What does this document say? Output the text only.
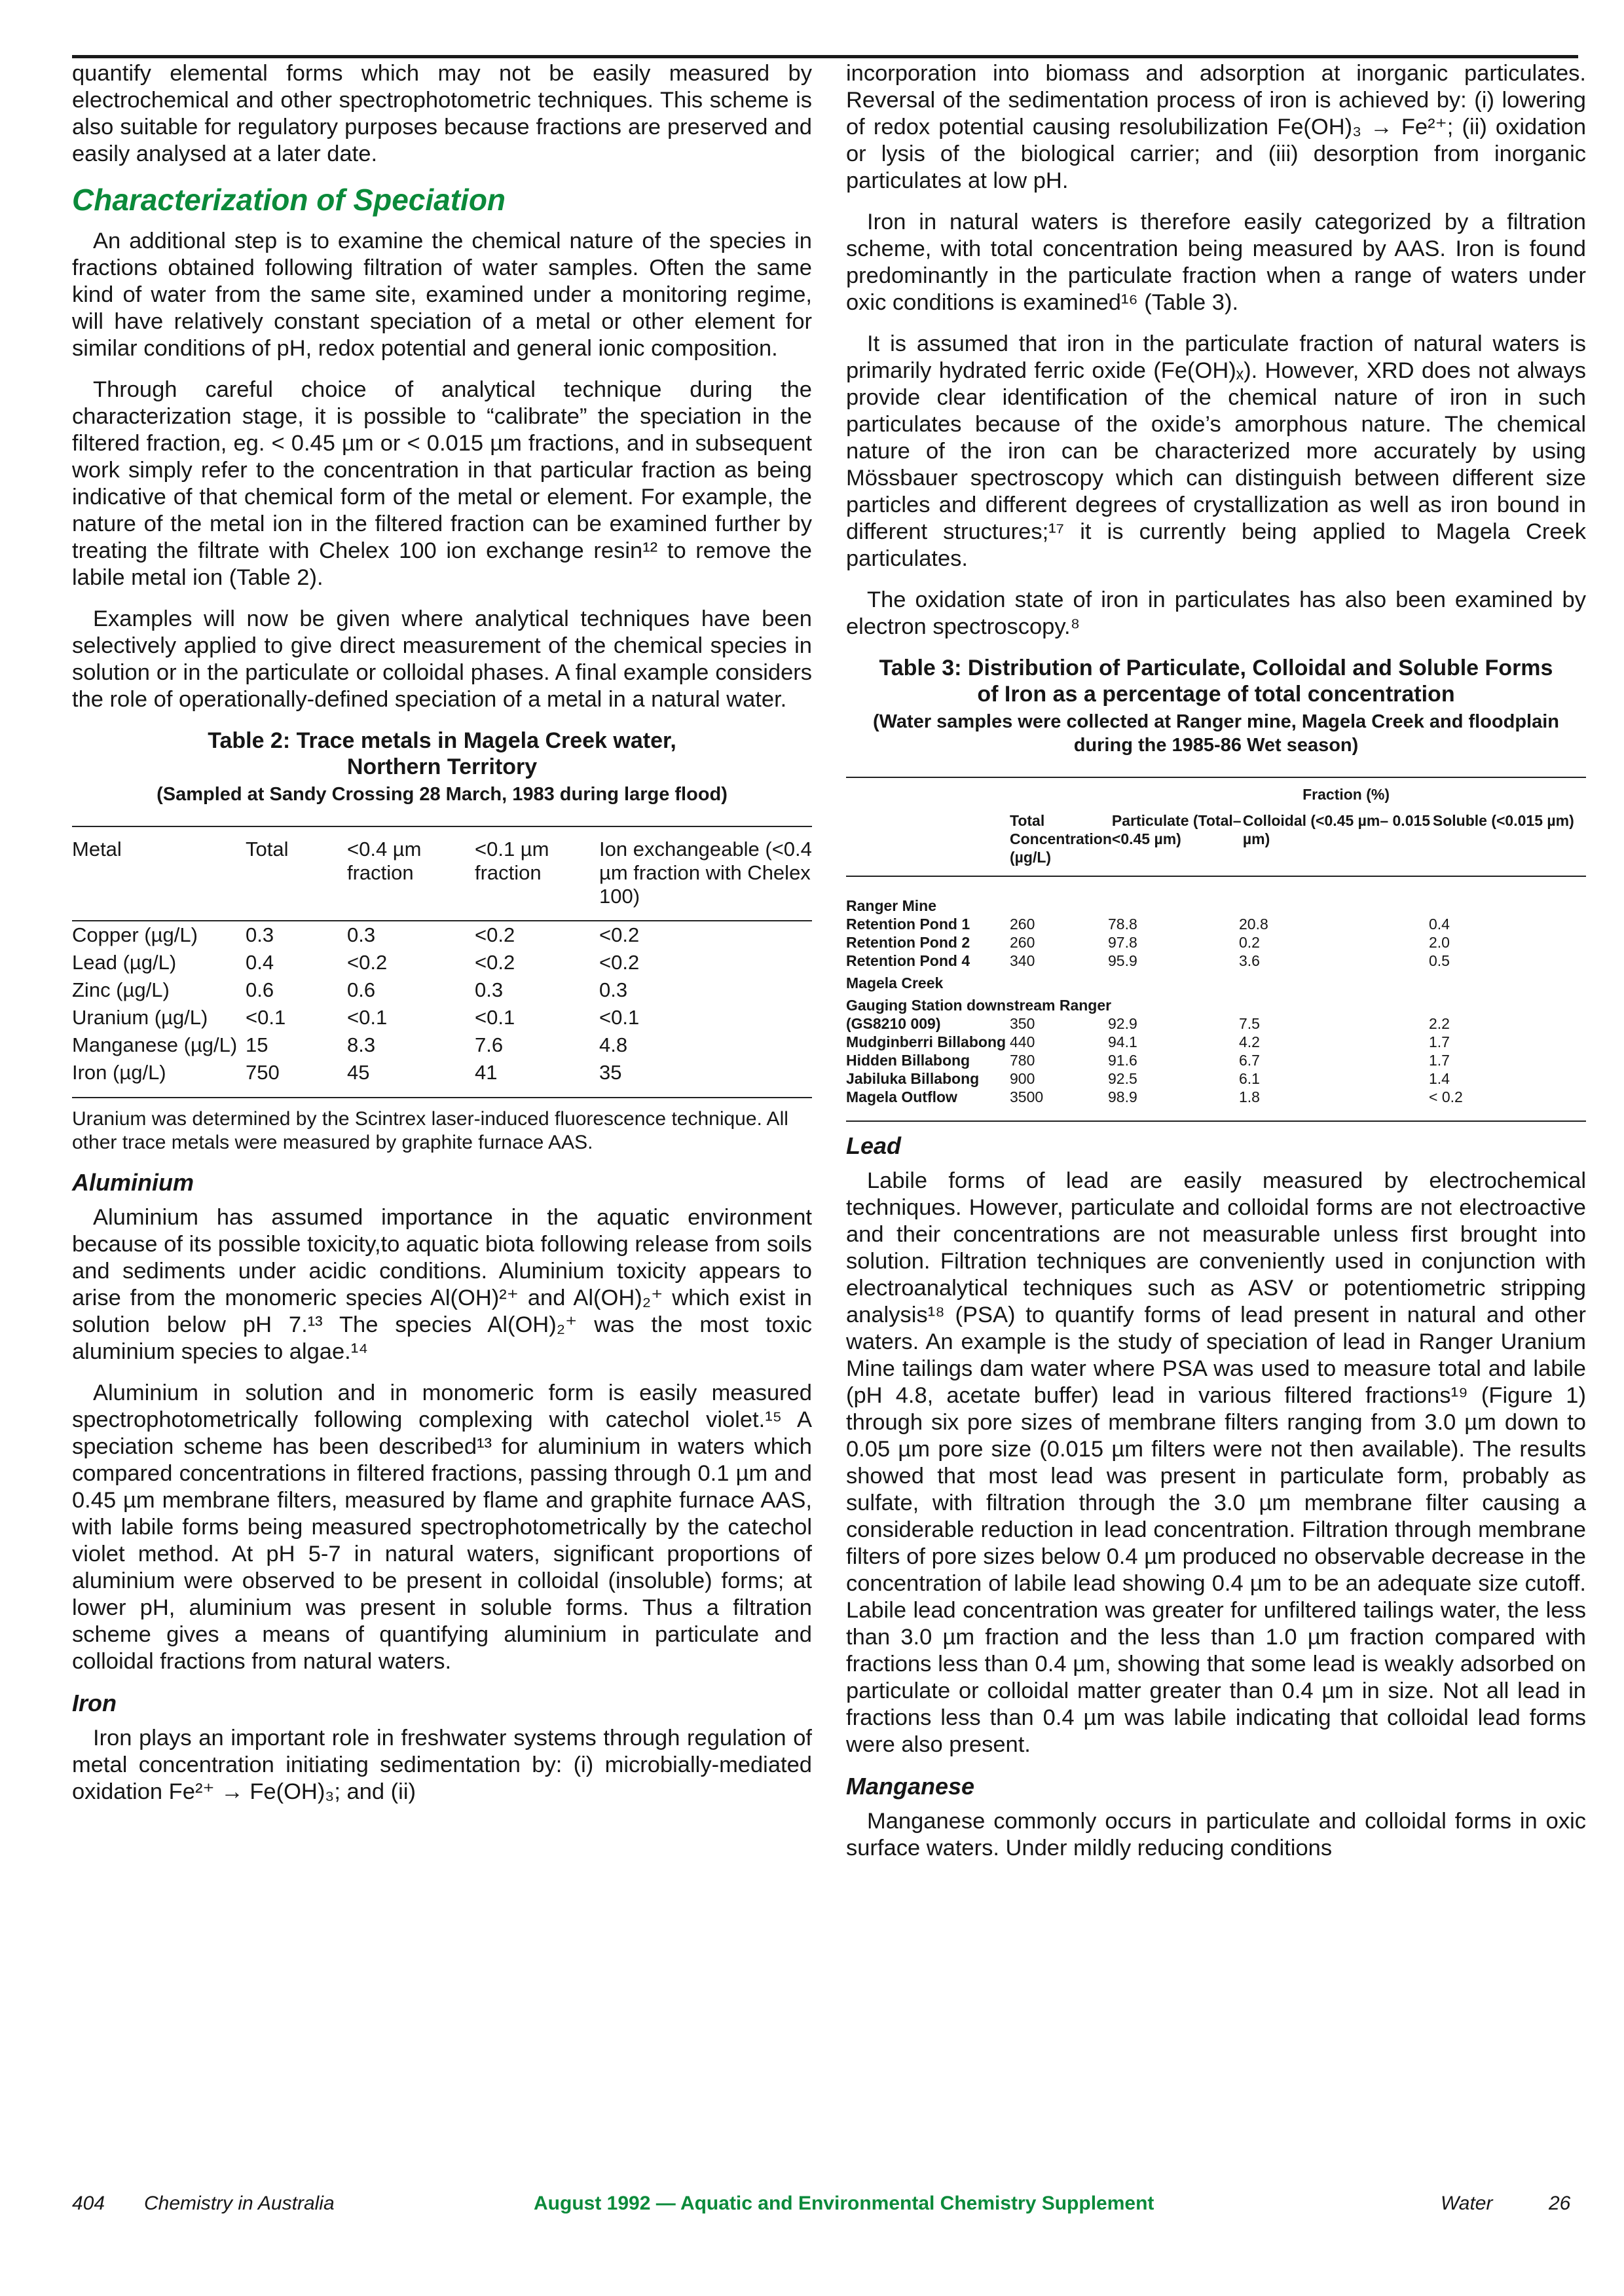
quantify elemental forms which may not be easily measured by electrochemical and other spectrophotometric techniques. This scheme is also suitable for regulatory purposes because fractions are preserved and easily analysed at a later date.

Characterization of Speciation

An additional step is to examine the chemical nature of the species in fractions obtained following filtration of water samples. Often the same kind of water from the same site, examined under a monitoring regime, will have relatively constant speciation of a metal or other element for similar conditions of pH, redox potential and general ionic composition.

Through careful choice of analytical technique during the characterization stage, it is possible to “calibrate” the speciation in the filtered fraction, eg. < 0.45 µm or < 0.015 µm fractions, and in subsequent work simply refer to the concentration in that particular fraction as being indicative of that chemical form of the metal or element. For example, the nature of the metal ion in the filtered fraction can be examined further by treating the filtrate with Chelex 100 ion exchange resin¹² to remove the labile metal ion (Table 2).

Examples will now be given where analytical techniques have been selectively applied to give direct measurement of the chemical species in solution or in the particulate or colloidal phases. A final example considers the role of operationally-defined speciation of a metal in a natural water.

Table 2: Trace metals in Magela Creek water,
Northern Territory
(Sampled at Sandy Crossing 28 March, 1983 during large flood)
Metal	Total	<0.4 µm fraction	<0.1 µm fraction	Ion exchangeable (<0.4 µm fraction with Chelex 100)
Copper (µg/L)	0.3	0.3	<0.2	<0.2
Lead (µg/L)	0.4	<0.2	<0.2	<0.2
Zinc (µg/L)	0.6	0.6	0.3	0.3
Uranium (µg/L)	<0.1	<0.1	<0.1	<0.1
Manganese (µg/L)	15	8.3	7.6	4.8
Iron (µg/L)	750	45	41	35
Uranium was determined by the Scintrex laser-induced fluorescence technique. All other trace metals were measured by graphite furnace AAS.
Aluminium

Aluminium has assumed importance in the aquatic environment because of its possible toxicity,to aquatic biota following release from soils and sediments under acidic conditions. Aluminium toxicity appears to arise from the monomeric species Al(OH)²⁺ and Al(OH)₂⁺ which exist in solution below pH 7.¹³ The species Al(OH)₂⁺ was the most toxic aluminium species to algae.¹⁴

Aluminium in solution and in monomeric form is easily measured spectrophotometrically following complexing with catechol violet.¹⁵ A speciation scheme has been described¹³ for aluminium in waters which compared concentrations in filtered fractions, passing through 0.1 µm and 0.45 µm membrane filters, measured by flame and graphite furnace AAS, with labile forms being measured spectrophotometrically by the catechol violet method. At pH 5-7 in natural waters, significant proportions of aluminium were observed to be present in colloidal (insoluble) forms; at lower pH, aluminium was present in soluble forms. Thus a filtration scheme gives a means of quantifying aluminium in particulate and colloidal fractions from natural waters.

Iron

Iron plays an important role in freshwater systems through regulation of metal concentration initiating sedimentation by: (i) microbially-mediated oxidation Fe²⁺ → Fe(OH)₃; and (ii)

incorporation into biomass and adsorption at inorganic particulates. Reversal of the sedimentation process of iron is achieved by: (i) lowering of redox potential causing resolubilization Fe(OH)₃ → Fe²⁺; (ii) oxidation or lysis of the biological carrier; and (iii) desorption from inorganic particulates at low pH.

Iron in natural waters is therefore easily categorized by a filtration scheme, with total concentration being measured by AAS. Iron is found predominantly in the particulate fraction when a range of waters under oxic conditions is examined¹⁶ (Table 3).

It is assumed that iron in the particulate fraction of natural waters is primarily hydrated ferric oxide (Fe(OH)ₓ). However, XRD does not always provide clear identification of the chemical nature of iron in such particulates because of the oxide’s amorphous nature. The chemical nature of the iron can be characterized more accurately by using Mössbauer spectroscopy which can distinguish between different size particles and different degrees of crystallization as well as iron bound in different structures;¹⁷ it is currently being applied to Magela Creek particulates.

The oxidation state of iron in particulates has also been examined by electron spectroscopy.⁸

Table 3: Distribution of Particulate, Colloidal and Soluble Forms
of Iron as a percentage of total concentration
(Water samples were collected at Ranger mine, Magela Creek and floodplain during the 1985-86 Wet season)
Fraction (%)
	Total Concentration (µg/L)	Particulate (Total–<0.45 µm)	Colloidal (<0.45 µm– 0.015 µm)	Soluble (<0.015 µm)
Ranger Mine				
Retention Pond 1	260	78.8	20.8	0.4
Retention Pond 2	260	97.8	0.2	2.0
Retention Pond 4	340	95.9	3.6	0.5
Magela Creek				
Gauging Station downstream Ranger				
(GS8210 009)	350	92.9	7.5	2.2
Mudginberri Billabong	440	94.1	4.2	1.7
Hidden Billabong	780	91.6	6.7	1.7
Jabiluka Billabong	900	92.5	6.1	1.4
Magela Outflow	3500	98.9	1.8	< 0.2
Lead

Labile forms of lead are easily measured by electrochemical techniques. However, particulate and colloidal forms are not electroactive and their concentrations are not measurable unless first brought into solution. Filtration techniques are conveniently used in conjunction with electroanalytical techniques such as ASV or potentiometric stripping analysis¹⁸ (PSA) to quantify forms of lead present in natural and other waters. An example is the study of speciation of lead in Ranger Uranium Mine tailings dam water where PSA was used to measure total and labile (pH 4.8, acetate buffer) lead in various filtered fractions¹⁹ (Figure 1) through six pore sizes of membrane filters ranging from 3.0 µm down to 0.05 µm pore size (0.015 µm filters were not then available). The results showed that most lead was present in particulate form, probably as sulfate, with filtration through the 3.0 µm membrane filter causing a considerable reduction in lead concentration. Filtration through membrane filters of pore sizes below 0.4 µm produced no observable decrease in the concentration of labile lead showing 0.4 µm to be an adequate size cutoff. Labile lead concentration was greater for unfiltered tailings water, the less than 3.0 µm fraction and the less than 1.0 µm fraction compared with fractions less than 0.4 µm, showing that some lead is weakly adsorbed on particulate or colloidal matter greater than 0.4 µm in size. Not all lead in fractions less than 0.4 µm was labile indicating that colloidal lead forms were also present.

Manganese

Manganese commonly occurs in particulate and colloidal forms in oxic surface waters. Under mildly reducing conditions

404 Chemistry in Australia	August 1992 — Aquatic and Environmental Chemistry Supplement	Water	26
